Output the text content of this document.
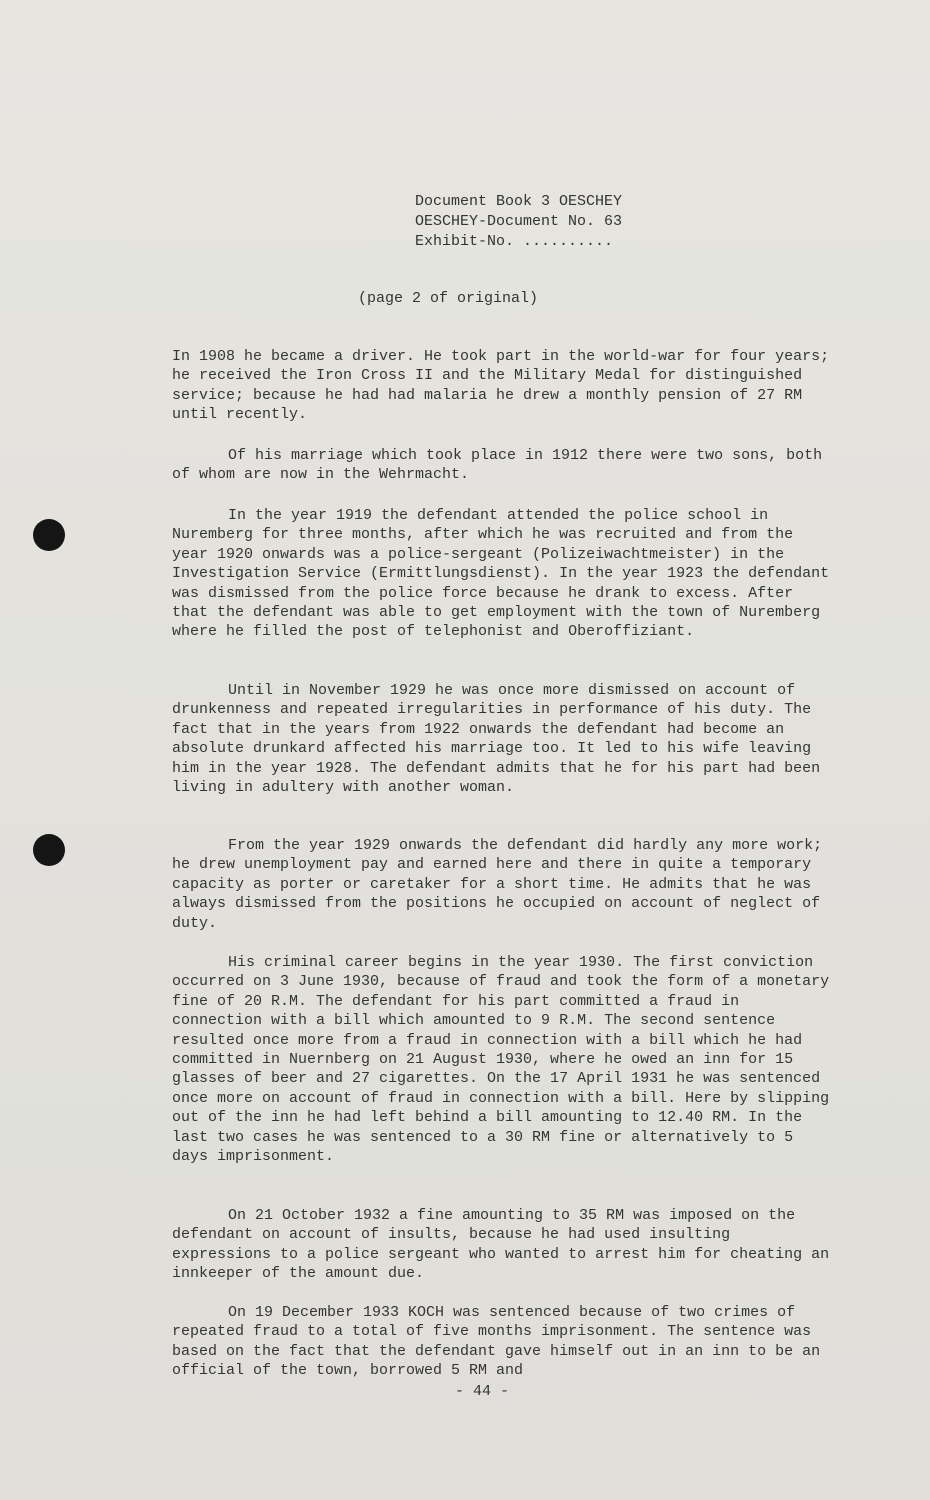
Document Book 3 OESCHEY
OESCHEY-Document No. 63
Exhibit-No. ..........
(page 2 of original)

In 1908 he became a driver. He took part in the world-war for four years; he received the Iron Cross II and the Military Medal for distinguished service; because he had had malaria he drew a monthly pension of 27 RM until recently.

Of his marriage which took place in 1912 there were two sons, both of whom are now in the Wehrmacht.

In the year 1919 the defendant attended the police school in Nuremberg for three months, after which he was recruited and from the year 1920 onwards was a police-sergeant (Polizeiwachtmeister) in the Investigation Service (Ermittlungsdienst). In the year 1923 the defendant was dismissed from the police force because he drank to excess. After that the defendant was able to get employment with the town of Nuremberg where he filled the post of telephonist and Oberoffiziant.

Until in November 1929 he was once more dismissed on account of drunkenness and repeated irregularities in performance of his duty. The fact that in the years from 1922 onwards the defendant had become an absolute drunkard affected his marriage too. It led to his wife leaving him in the year 1928. The defendant admits that he for his part had been living in adultery with another woman.

From the year 1929 onwards the defendant did hardly any more work; he drew unemployment pay and earned here and there in quite a temporary capacity as porter or caretaker for a short time. He admits that he was always dismissed from the positions he occupied on account of neglect of duty.

His criminal career begins in the year 1930. The first conviction occurred on 3 June 1930, because of fraud and took the form of a monetary fine of 20 R.M. The defendant for his part committed a fraud in connection with a bill which amounted to 9 R.M. The second sentence resulted once more from a fraud in connection with a bill which he had committed in Nuernberg on 21 August 1930, where he owed an inn for 15 glasses of beer and 27 cigarettes. On the 17 April 1931 he was sentenced once more on account of fraud in connection with a bill. Here by slipping out of the inn he had left behind a bill amounting to 12.40 RM. In the last two cases he was sentenced to a 30 RM fine or alternatively to 5 days imprisonment.

On 21 October 1932 a fine amounting to 35 RM was imposed on the defendant on account of insults, because he had used insulting expressions to a police sergeant who wanted to arrest him for cheating an innkeeper of the amount due.

On 19 December 1933 KOCH was sentenced because of two crimes of repeated fraud to a total of five months imprisonment. The sentence was based on the fact that the defendant gave himself out in an inn to be an official of the town, borrowed 5 RM and

- 44 -
